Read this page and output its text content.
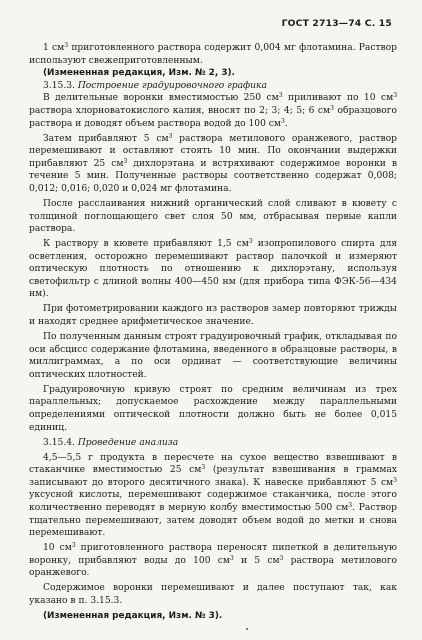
ГОСТ 2713—74 С. 15

1 $см^3$ приготовленного раствора содержит 0,004 мг флотамина. Раствор используют свежеприготовленным.

(Измененная редакция, Изм. № 2, 3).

3.15.3. Построение градуировочного графика

В делительные воронки вместимостью 250 $см^3$ приливают по 10 $см^3$ раствора хлорноватокислого калия, вносят по 2; 3; 4; 5; 6 $см^3$ образцового раствора и доводят объем раствора водой до 100 $см^3$.

Затем прибавляют 5 $см^3$ раствора метилового оранжевого, раствор перемешивают и оставляют стоять 10 мин. По окончании выдержки прибавляют 25 $см^3$ дихлорэтана и встряхивают содержимое воронки в течение 5 мин. Полученные растворы соответственно содержат 0,008; 0,012; 0,016; 0,020 и 0,024 мг флотамина.

После расслаивания нижний органический слой сливают в кювету с толщиной поглощающего свет слоя 50 мм, отбрасывая первые капли раствора.

К раствору в кювете прибавляют 1,5 $см^3$ изопропилового спирта для осветления, осторожно перемешивают раствор палочкой и измеряют оптическую плотность по отношению к дихлорэтану, используя светофильтр с длиной волны 400—450 нм (для прибора типа ФЭК-56—434 нм).

При фотометрировании каждого из растворов замер повторяют трижды и находят среднее арифметическое значение.

По полученным данным строят градуировочный график, откладывая по оси абсцисс содержание флотамина, введенного в образцовые растворы, в миллиграммах, а по оси ординат — соответствующие величины оптических плотностей.

Градуировочную кривую строят по средним величинам из трех параллельных; допускаемое расхождение между параллельными определениями оптической плотности должно быть не более 0,015 единиц.

3.15.4. Проведение анализа

4,5—5,5 г продукта в пересчете на сухое вещество взвешивают в стаканчике вместимостью 25 $см^3$ (результат взвешивания в граммах записывают до второго десятичного знака). К навеске прибавляют 5 $см^3$ уксусной кислоты, перемешивают содержимое стаканчика, после этого количественно переводят в мерную колбу вместимостью 500 $см^3$. Раствор тщательно перемешивают, затем доводят объем водой до метки и снова перемешивают.

10 $см^3$ приготовленного раствора переносят пипеткой в делительную воронку, прибавляют воды до 100 $см^3$ и 5 $см^3$ раствора метилового оранжевого.

Содержимое воронки перемешивают и далее поступают так, как указано в п. 3.15.3.

(Измененная редакция, Изм. № 3).
